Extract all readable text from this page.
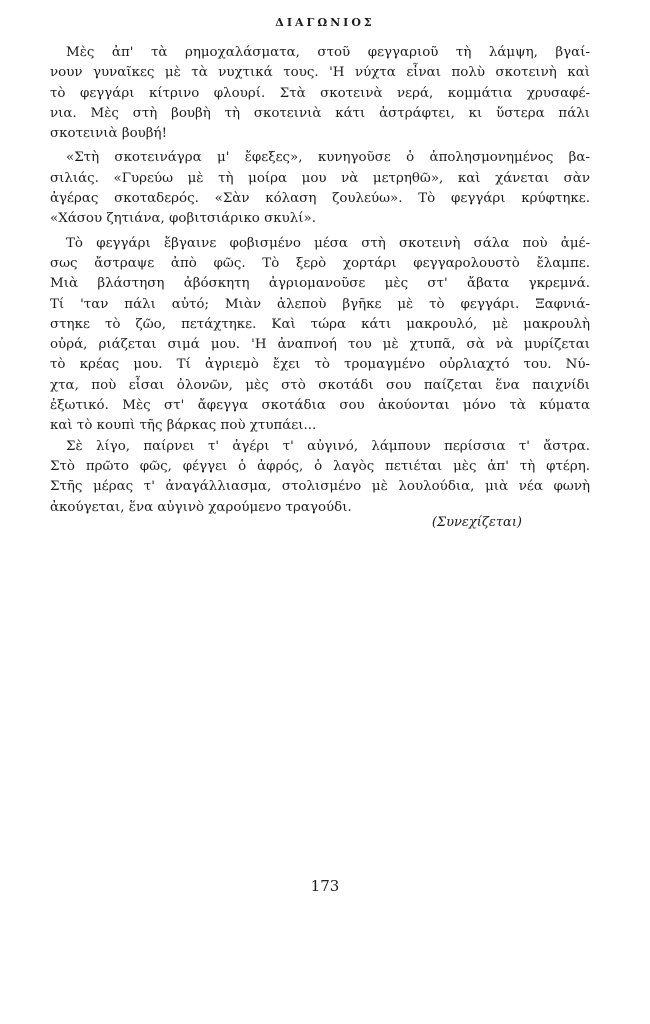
ΔΙΑΓΩΝΙΟΣ
Μὲς ἀπ' τὰ ρημοχαλάσματα, στοῦ φεγγαριοῦ τὴ λάμψη, βγαί-
νουν γυναῖκες μὲ τὰ νυχτικά τους. 'Η νύχτα εἶναι πολὺ σκοτεινὴ καὶ
τὸ φεγγάρι κίτρινο φλουρί. Στὰ σκοτεινὰ νερά, κομμάτια χρυσαφέ-
νια. Μὲς στὴ βουβὴ τὴ σκοτεινιὰ κάτι ἀστράφτει, κι ὕστερα πάλι
σκοτεινιὰ βουβή!
«Στὴ σκοτεινάγρα μ' ἔφεξες», κυνηγοῦσε ὁ ἀπολησμονημένος βα-
σιλιάς. «Γυρεύω μὲ τὴ μοίρα μου νὰ μετρηθῶ», καὶ χάνεται σὰν
ἀγέρας σκοταδερός. «Σὰν κόλαση ζουλεύω». Τὸ φεγγάρι κρύφτηκε.
«Χάσου ζητιάνα, φοβιτσιάρικο σκυλί».
Τὸ φεγγάρι ἔβγαινε φοβισμένο μέσα στὴ σκοτεινὴ σάλα ποὺ ἀμέ-
σως ἄστραψε ἀπὸ φῶς. Τὸ ξερὸ χορτάρι φεγγαρολουστὸ ἔλαμπε.
Μιὰ βλάστηση ἀβόσκητη ἀγριομανοῦσε μὲς στ' ἄβατα γκρεμνά.
Τί 'ταν πάλι αὐτό; Μιὰν ἀλεποὺ βγῆκε μὲ τὸ φεγγάρι. Ξαφνιά-
στηκε τὸ ζῶο, πετάχτηκε. Καὶ τώρα κάτι μακρουλό, μὲ μακρουλὴ
οὐρά, ριάζεται σιμά μου. 'Η ἀναπνοή του μὲ χτυπᾶ, σὰ νὰ μυρίζεται
τὸ κρέας μου. Τί ἀγριεμὸ ἔχει τὸ τρομαγμένο οὐρλιαχτό του. Νύ-
χτα, ποὺ εἶσαι ὀλονῶν, μὲς στὸ σκοτάδι σου παίζεται ἕνα παιχνίδι
ἐξωτικό. Μὲς στ' ἄφεγγα σκοτάδια σου ἀκούονται μόνο τὰ κύματα
καὶ τὸ κουπὶ τῆς βάρκας ποὺ χτυπάει...
Σὲ λίγο, παίρνει τ' ἀγέρι τ' αὐγινό, λάμπουν περίσσια τ' ἄστρα.
Στὸ πρῶτο φῶς, φέγγει ὁ ἀφρός, ὁ λαγὸς πετιέται μὲς ἀπ' τὴ φτέρη.
Στῆς μέρας τ' ἀναγάλλιασμα, στολισμένο μὲ λουλούδια, μιὰ νέα φωνὴ
ἀκούγεται, ἕνα αὐγινὸ χαρούμενο τραγούδι.
(Συνεχίζεται)
173
